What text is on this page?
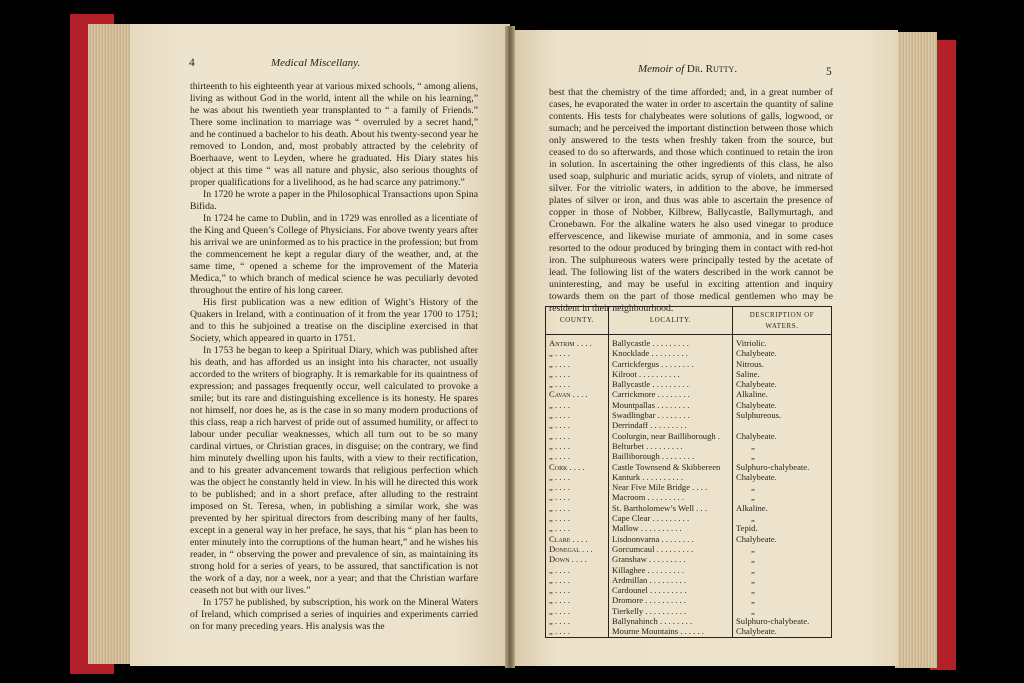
4	Medical Miscellany.

thirteenth to his eighteenth year at various mixed schools, “ among aliens, living as without God in the world, intent all the while on his learning,” he was about his twentieth year transplanted to “ a family of Friends.” There some inclination to marriage was “ overruled by a secret hand,” and he continued a bachelor to his death. About his twenty-second year he removed to London, and, most probably attracted by the celebrity of Boerhaave, went to Leyden, where he graduated. His Diary states his object at this time “ was all nature and physic, also serious thoughts of proper qualifications for a livelihood, as he had scarce any patrimony.”

In 1720 he wrote a paper in the Philosophical Transactions upon Spina Bifida.

In 1724 he came to Dublin, and in 1729 was enrolled as a licentiate of the King and Queen’s College of Physicians. For above twenty years after his arrival we are uninformed as to his practice in the profession; but from the commencement he kept a regular diary of the weather, and, at the same time, “ opened a scheme for the improvement of the Materia Medica,” to which branch of medical science he was peculiarly devoted throughout the entire of his long career.

His first publication was a new edition of Wight’s History of the Quakers in Ireland, with a continuation of it from the year 1700 to 1751; and to this he subjoined a treatise on the discipline exercised in that Society, which appeared in quarto in 1751.

In 1753 he began to keep a Spiritual Diary, which was published after his death, and has afforded us an insight into his character, not usually accorded to the writers of biography. It is remarkable for its quaintness of expression; and passages frequently occur, well calculated to provoke a smile; but its rare and distinguishing excellence is its honesty. He spares not himself, nor does he, as is the case in so many modern productions of this class, reap a rich harvest of pride out of assumed humility, or affect to labour under peculiar weaknesses, which all turn out to be so many cardinal virtues, or Christian graces, in disguise; on the contrary, we find him minutely dwelling upon his faults, with a view to their rectification, and to his greater advancement towards that religious perfection which was the object he constantly held in view. In his will he directed this work to be published; and in a short preface, after alluding to the restraint imposed on St. Teresa, when, in publishing a similar work, she was prevented by her spiritual directors from describing many of her faults, except in a general way in her preface, he says, that his “ plan has been to enter minutely into the corruptions of the human heart,” and he wishes his reader, in “ observing the power and prevalence of sin, as maintaining its strong hold for a series of years, to be assured, that sanctification is not the work of a day, nor a week, nor a year; and that the Christian warfare ceaseth not but with our lives.”

In 1757 he published, by subscription, his work on the Mineral Waters of Ireland, which comprised a series of inquiries and experiments carried on for many preceding years. His analysis was the

Memoir of Dr. Rutty.	5

best that the chemistry of the time afforded; and, in a great number of cases, he evaporated the water in order to ascertain the quantity of saline contents. His tests for chalybeates were solutions of galls, logwood, or sumach; and he perceived the important distinction between those which only answered to the tests when freshly taken from the source, but ceased to do so afterwards, and those which continued to retain the iron in solution. In ascertaining the other ingredients of this class, he also used soap, sulphuric and muriatic acids, syrup of violets, and nitrate of silver. For the vitriolic waters, in addition to the above, he immersed plates of silver or iron, and thus was able to ascertain the presence of copper in those of Nobber, Kilbrew, Ballycastle, Ballymurtagh, and Cronebawn. For the alkaline waters he also used vinegar to produce effervescence, and likewise muriate of ammonia, and in some cases resorted to the odour produced by bringing them in contact with red-hot iron. The sulphureous waters were principally tested by the acetate of lead. The following list of the waters described in the work cannot be uninteresting, and may be useful in exciting attention and inquiry towards them on the part of those medical gentlemen who may be resident in their neighbourhood.

COUNTY.	LOCALITY.	DESCRIPTION OF WATERS.
Antrim . . . .	Ballycastle . . . . . . . . .	Vitriolic.
„ . . . .	Knocklade . . . . . . . . .	Chalybeate.
„ . . . .	Carrickfergus . . . . . . . .	Nitrous.
„ . . . .	Kilroot . . . . . . . . . .	Saline.
„ . . . .	Ballycastle . . . . . . . . .	Chalybeate.
Cavan . . . .	Carrickmore . . . . . . . .	Alkaline.
„ . . . .	Mountpallas . . . . . . . .	Chalybeate.
„ . . . .	Swadlingbar . . . . . . . .	Sulphureous.
„ . . . .	Derrindaff . . . . . . . . .	
„ . . . .	Coolurgin, near Bailliborough .	Chalybeate.
„ . . . .	Belturbet . . . . . . . . .	„
„ . . . .	Bailliborough . . . . . . . .	„
Cork . . . .	Castle Townsend & Skibbereen	Sulphuro-chalybeate.
„ . . . .	Kanturk . . . . . . . . . .	Chalybeate.
„ . . . .	Near Five Mile Bridge . . . .	„
„ . . . .	Macroom . . . . . . . . .	„
„ . . . .	St. Bartholomew’s Well . . .	Alkaline.
„ . . . .	Cape Clear . . . . . . . . .	„
„ . . . .	Mallow . . . . . . . . . .	Tepid.
Clare . . . .	Lisdoonvarna . . . . . . . .	Chalybeate.
Donegal . . .	Gorcumcaul . . . . . . . . .	„
Down . . . .	Granshaw . . . . . . . . .	„
„ . . . .	Killaghee . . . . . . . . .	„
„ . . . .	Ardmillan . . . . . . . . .	„
„ . . . .	Cardounel . . . . . . . . .	„
„ . . . .	Dromore . . . . . . . . . .	„
„ . . . .	Tierkelly . . . . . . . . . .	„
„ . . . .	Ballynahinch . . . . . . . .	Sulphuro-chalybeate.
„ . . . .	Mourne Mountains . . . . . .	Chalybeate.
